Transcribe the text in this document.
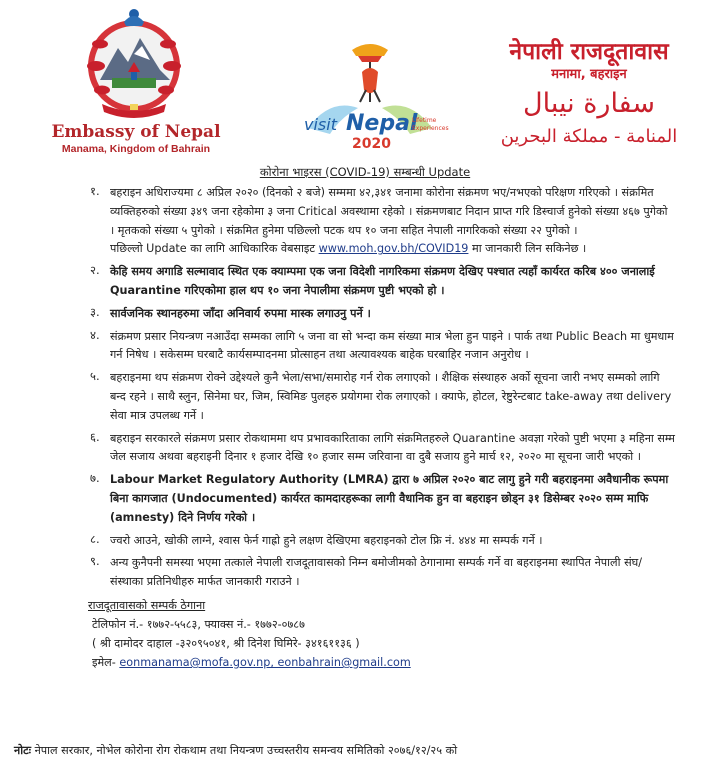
Embassy of Nepal
Manama, Kingdom of Bahrain
visit Nepal
Lifetime
Experiences
2020
नेपाली राजदूतावास
मनामा, बहराइन
سفارة نيبال
المنامة - مملكة البحرين
कोरोना भाइरस (COVID-19) सम्बन्धी Update
१. बहराइन अधिराज्यमा ८ अप्रिल २०२० (दिनको २ बजे) सम्ममा ४२,३४१ जनामा कोरोना संक्रमण भए/नभएको परिक्षण गरिएको । संक्रमित व्यक्तिहरुको संख्या ३४९ जना रहेकोमा ३ जना Critical अवस्थामा रहेको । संक्रमणबाट निदान प्राप्त गरि डिस्चार्ज हुनेको संख्या ४६७ पुगेको । मृतकको संख्या ५ पुगेको । संक्रमित हुनेमा पछिल्लो पटक थप १० जना सहित नेपाली नागरिकको संख्या २२ पुगेको ।
पछिल्लो Update का लागि आधिकारिक वेबसाइट www.moh.gov.bh/COVID19 मा जानकारी लिन सकिनेछ ।
२. केहि समय अगाडि सल्मावाद स्थित एक क्याम्पमा एक जना विदेशी नागरिकमा संक्रमण देखिए पश्चात त्यहाँ कार्यरत करिब ४०० जनालाई Quarantine गरिएकोमा हाल थप १० जना नेपालीमा संक्रमण पुष्टी भएको हो ।
३. सार्वजनिक स्थानहरुमा जाँदा अनिवार्य रुपमा मास्क लगाउनु पर्ने ।
४. संक्रमण प्रसार नियन्त्रण नआउँदा सम्मका लागि ५ जना वा सो भन्दा कम संख्या मात्र भेला हुन पाइने । पार्क तथा Public Beach मा धुमधाम गर्न निषेध । सकेसम्म घरबाटै कार्यसम्पादनमा प्रोत्साहन तथा अत्यावश्यक बाहेक घरबाहिर नजान अनुरोध ।
५. बहराइनमा थप संक्रमण रोक्ने उद्देश्यले कुनै भेला/सभा/समारोह गर्न रोक लगाएको । शैक्षिक संस्थाहरु अर्को सूचना जारी नभए सम्मको लागि बन्द रहने । साथै स्लुन, सिनेमा घर, जिम, स्विमिङ पुलहरु प्रयोगमा रोक लगाएको । क्याफे, होटल, रेष्टुरेन्टबाट take-away तथा delivery सेवा मात्र उपलब्ध गर्ने ।
६. बहराइन सरकारले संक्रमण प्रसार रोकथाममा थप प्रभावकारिताका लागि संक्रमितहरुले Quarantine अवज्ञा गरेको पुष्टी भएमा ३ महिना सम्म जेल सजाय अथवा बहराइनी दिनार १ हजार देखि १० हजार सम्म जरिवाना वा दुबै सजाय हुने मार्च १२, २०२० मा सूचना जारी भएको ।
७. Labour Market Regulatory Authority (LMRA) द्वारा ७ अप्रिल २०२० बाट लागु हुने गरी बहराइनमा अवैधानीक रूपमा बिना कागजात (Undocumented) कार्यरत कामदारहरूका लागी वैधानिक हुन वा बहराइन छोड्न ३१ डिसेम्बर २०२० सम्म माफि (amnesty) दिने निर्णय गरेको ।
८. ज्वरो आउने, खोकी लाग्ने, श्वास फेर्न गाह्रो हुने लक्षण देखिएमा बहराइनको टोल फ्रि नं. ४४४ मा सम्पर्क गर्ने ।
९. अन्य कुनैपनी समस्या भएमा तत्काले नेपाली राजदूतावासको निम्न बमोजीमको ठेगानामा सम्पर्क गर्ने वा बहराइनमा स्थापित नेपाली संघ/संस्थाका प्रतिनिधीहरु मार्फत जानकारी गराउने ।
राजदूतावासको सम्पर्क ठेगाना
टेलिफोन नं.- १७७२-५५८३, फ्याक्स नं.- १७७२-०७८७
( श्री दामोदर दाहाल -३२०९५०४१, श्री दिनेश घिमिरे- ३४१६११३६ )
इमेल- eonmanama@mofa.gov.np, eonbahrain@gmail.com
नोटः नेपाल सरकार, नोभेल कोरोना रोग रोकथाम तथा नियन्त्रण उच्चस्तरीय समन्वय समितिको २०७६/१२/२५ को
